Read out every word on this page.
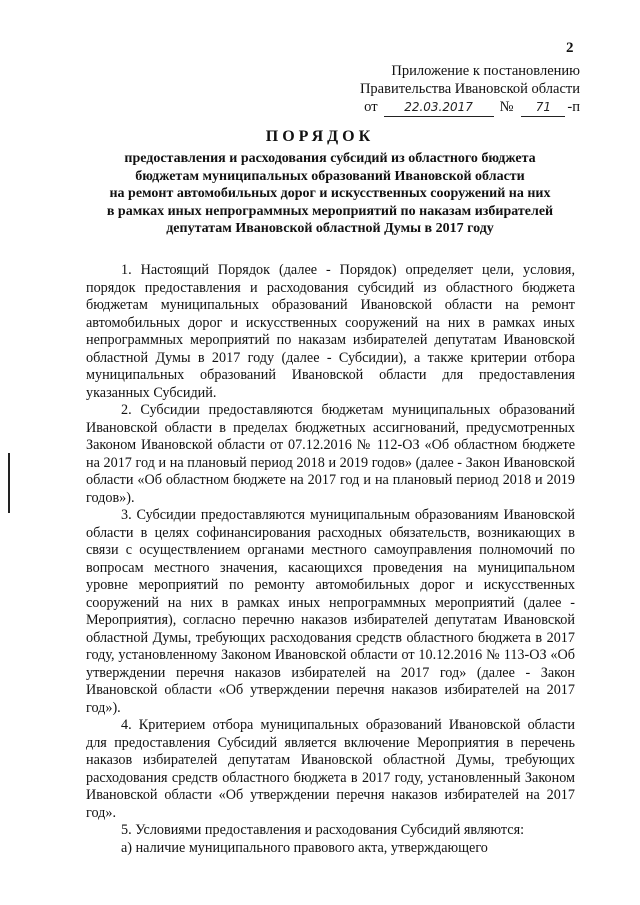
2
Приложение к постановлению
Правительства Ивановской области
от	22.03.2017	№	71	-п
ПОРЯДОК
предоставления и расходования субсидий из областного бюджета
бюджетам муниципальных образований Ивановской области
на ремонт автомобильных дорог и искусственных сооружений на них
в рамках иных непрограммных мероприятий по наказам избирателей
депутатам Ивановской областной Думы в 2017 году

1. Настоящий Порядок (далее - Порядок) определяет цели, условия, порядок предоставления и расходования субсидий из областного бюджета бюджетам муниципальных образований Ивановской области на ремонт автомобильных дорог и искусственных сооружений на них в рамках иных непрограммных мероприятий по наказам избирателей депутатам Ивановской областной Думы в 2017 году (далее - Субсидии), а также критерии отбора муниципальных образований Ивановской области для предоставления указанных Субсидий.

2. Субсидии предоставляются бюджетам муниципальных образований Ивановской области в пределах бюджетных ассигнований, предусмотренных Законом Ивановской области от 07.12.2016 № 112-ОЗ «Об областном бюджете на 2017 год и на плановый период 2018 и 2019 годов» (далее - Закон Ивановской области «Об областном бюджете на 2017 год и на плановый период 2018 и 2019 годов»).

3. Субсидии предоставляются муниципальным образованиям Ивановской области в целях софинансирования расходных обязательств, возникающих в связи с осуществлением органами местного самоуправления полномочий по вопросам местного значения, касающихся проведения на муниципальном уровне мероприятий по ремонту автомобильных дорог и искусственных сооружений на них в рамках иных непрограммных мероприятий (далее - Мероприятия), согласно перечню наказов избирателей депутатам Ивановской областной Думы, требующих расходования средств областного бюджета в 2017 году, установленному Законом Ивановской области от 10.12.2016 № 113-ОЗ «Об утверждении перечня наказов избирателей на 2017 год» (далее - Закон Ивановской области «Об утверждении перечня наказов избирателей на 2017 год»).

4. Критерием отбора муниципальных образований Ивановской области для предоставления Субсидий является включение Мероприятия в перечень наказов избирателей депутатам Ивановской областной Думы, требующих расходования средств областного бюджета в 2017 году, установленный Законом Ивановской области «Об утверждении перечня наказов избирателей на 2017 год».

5. Условиями предоставления и расходования Субсидий являются:

а) наличие муниципального правового акта, утверждающего
